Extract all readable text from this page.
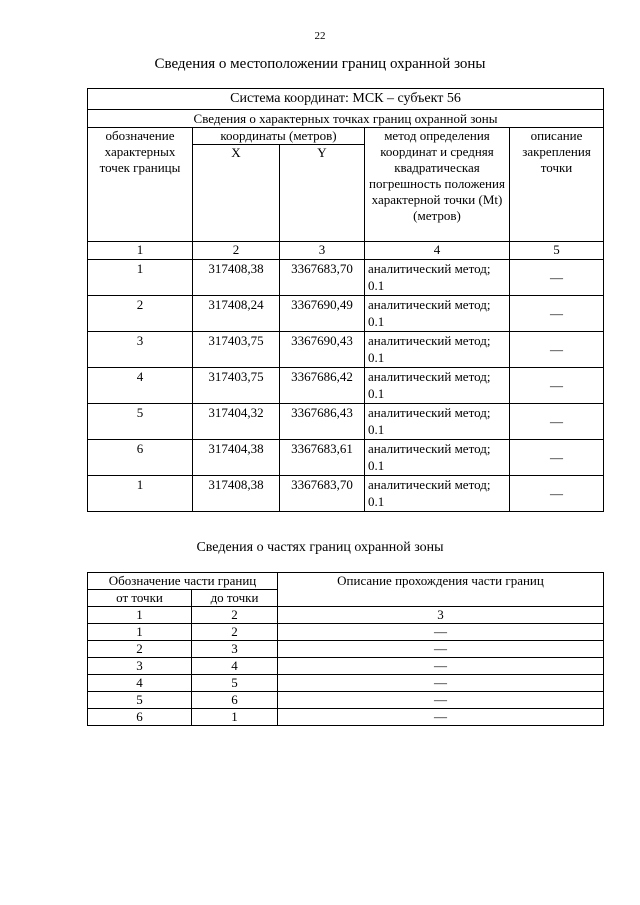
22
Сведения о местоположении границ охранной зоны
Система координат: МСК – субъект 56				
Сведения о характерных точках границ охранной зоны				
обозначение характерных точек границы	координаты (метров)		метод определения координат и средняя квадратическая погрешность положения характерной точки (Mt) (метров)	описание закрепления точки
	X	Y		
1	2	3	4	5
1	317408,38	3367683,70	аналитический метод; 0.1	—
2	317408,24	3367690,49	аналитический метод; 0.1	—
3	317403,75	3367690,43	аналитический метод; 0.1	—
4	317403,75	3367686,42	аналитический метод; 0.1	—
5	317404,32	3367686,43	аналитический метод; 0.1	—
6	317404,38	3367683,61	аналитический метод; 0.1	—
1	317408,38	3367683,70	аналитический метод; 0.1	—
Сведения о частях границ охранной зоны
Обозначение части границ		Описание прохождения части границ
от точки	до точки	
1	2	3
1	2	—
2	3	—
3	4	—
4	5	—
5	6	—
6	1	—
